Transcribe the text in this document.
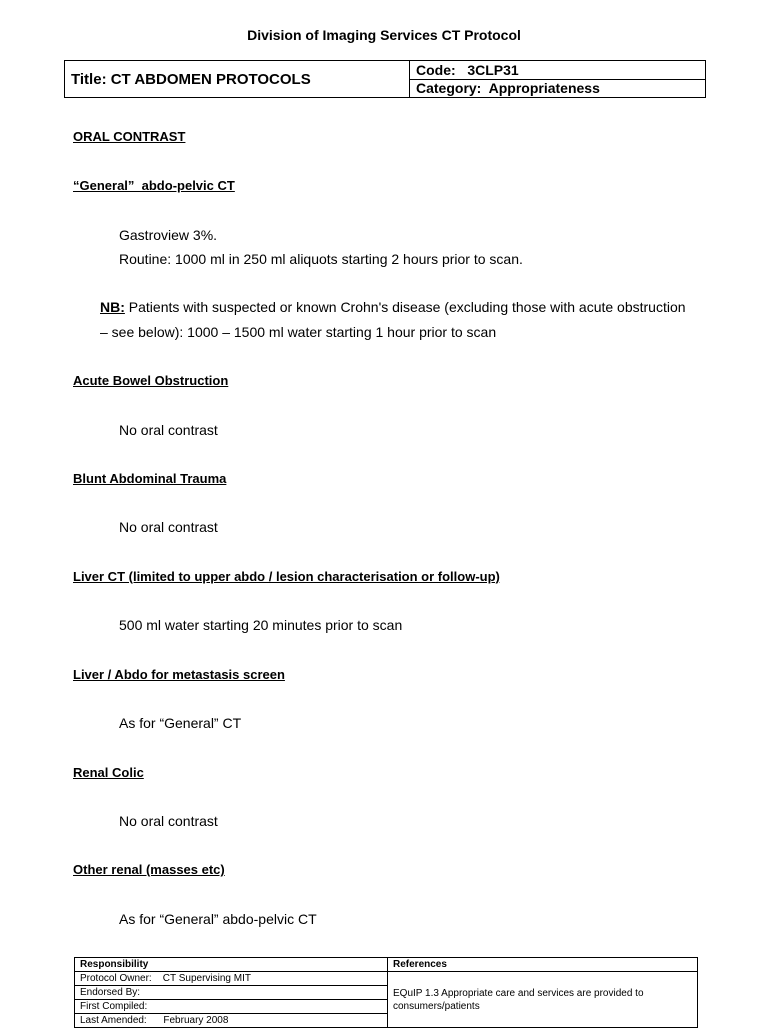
Division of Imaging Services CT Protocol
Title: CT ABDOMEN PROTOCOLS	Code:   3CLP31
Category:  Appropriateness
ORAL CONTRAST
“General”  abdo-pelvic CT
Gastroview 3%.
Routine: 1000 ml in 250 ml aliquots starting 2 hours prior to scan.
NB: Patients with suspected or known Crohn's disease (excluding those with acute obstruction
– see below): 1000 – 1500 ml water starting 1 hour prior to scan
Acute Bowel Obstruction
No oral contrast
Blunt Abdominal Trauma
No oral contrast
Liver CT (limited to upper abdo / lesion characterisation or follow-up)
500 ml water starting 20 minutes prior to scan
Liver / Abdo for metastasis screen
As for “General” CT
Renal Colic
No oral contrast
Other renal (masses etc)
As for “General” abdo-pelvic CT
Responsibility	References
Protocol Owner:    CT Supervising MIT	EQuIP 1.3 Appropriate care and services are provided to consumers/patients
Endorsed By:	
First Compiled:	
Last Amended:      February 2008	
